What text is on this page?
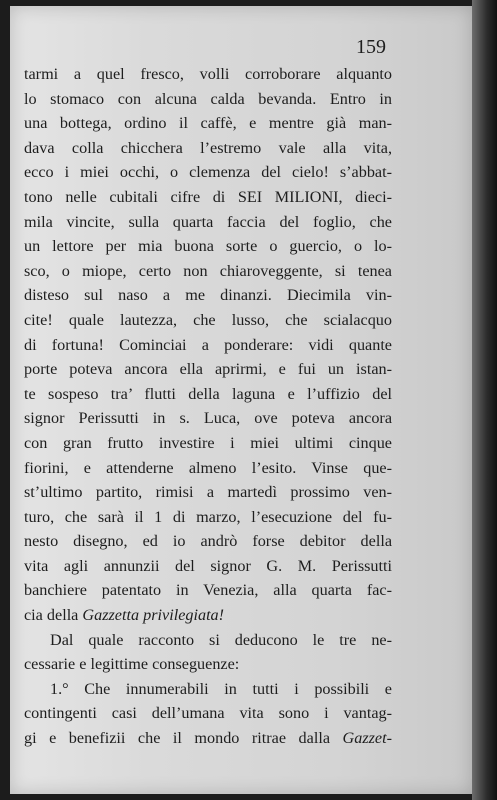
159
tarmi a quel fresco, volli corroborare alquanto
lo stomaco con alcuna calda bevanda. Entro in
una bottega, ordino il caffè, e mentre già man-
dava colla chicchera l’estremo vale alla vita,
ecco i miei occhi, o clemenza del cielo! s’abbat-
tono nelle cubitali cifre di SEI MILIONI, dieci-
mila vincite, sulla quarta faccia del foglio, che
un lettore per mia buona sorte o guercio, o lo-
sco, o miope, certo non chiaroveggente, si tenea
disteso sul naso a me dinanzi. Diecimila vin-
cite! quale lautezza, che lusso, che scialacquo
di fortuna! Cominciai a ponderare: vidi quante
porte poteva ancora ella aprirmi, e fui un istan-
te sospeso tra’ flutti della laguna e l’uffizio del
signor Perissutti in s. Luca, ove poteva ancora
con gran frutto investire i miei ultimi cinque
fiorini, e attenderne almeno l’esito. Vinse que-
st’ultimo partito, rimisi a martedì prossimo ven-
turo, che sarà il 1 di marzo, l’esecuzione del fu-
nesto disegno, ed io andrò forse debitor della
vita agli annunzii del signor G. M. Perissutti
banchiere patentato in Venezia, alla quarta fac-
cia della Gazzetta privilegiata!
Dal quale racconto si deducono le tre ne-
cessarie e legittime conseguenze:
1.° Che innumerabili in tutti i possibili e
contingenti casi dell’umana vita sono i vantag-
gi e benefizii che il mondo ritrae dalla Gazzet-
